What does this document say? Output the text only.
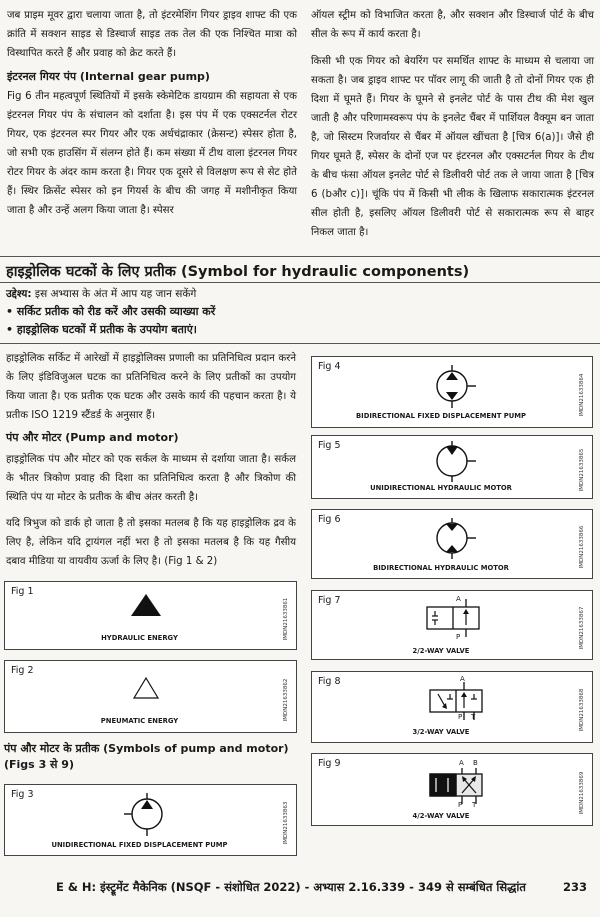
जब प्राइम मूवर द्वारा चलाया जाता है, तो इंटरमेशिंग गियर ड्राइव शाफ्ट की एक क्रांति में सक्शन साइड से डिस्चार्ज साइड तक तेल की एक निश्चित मात्रा को विस्थापित करते हैं और प्रवाह को क्रेट करते हैं।

इंटरनल गियर पंप (Internal gear pump)

Fig 6 तीन महत्वपूर्ण स्थितियों में इसके स्केमेटिक डायग्राम की सहायता से एक इंटरनल गियर पंप के संचालन को दर्शाता है। इस पंप में एक एक्सटर्नल रोटर गियर, एक इंटरनल स्पर गियर और एक अर्धचंद्राकार (क्रेसन्ट) स्पेसर होता है, जो सभी एक हाउसिंग में संलग्न होते हैं। कम संख्या में टीथ वाला इंटरनल गियर रोटर गियर के अंदर काम करता है। गियर एक दूसरे से विलक्षण रूप से सेट होते हैं। स्थिर क्रिसेंट स्पेसर को इन गियर्स के बीच की जगह में मशीनीकृत किया जाता है और उन्हें अलग किया जाता है। स्पेसर

ऑयल स्ट्रीम को विभाजित करता है, और सक्शन और डिस्चार्ज पोर्ट के बीच सील के रूप में कार्य करता है।

किसी भी एक गियर को बेयरिंग पर समर्थित शाफ्ट के माध्यम से चलाया जा सकता है। जब ड्राइव शाफ्ट पर पॉवर लागू की जाती है तो दोनों गियर एक ही दिशा में घूमते हैं। गियर के घूमने से इनलेट पोर्ट के पास टीथ की मेश खुल जाती है और परिणामस्वरूप पंप के इनलेट चैंबर में पार्शियल वैक्यूम बन जाता है, जो सिस्टम रिजर्वायर से चैंबर में ऑयल खींचता है [चित्र 6(a)]। जैसे ही गियर घूमते हैं, स्पेसर के दोनों एज पर इंटरनल और एक्सटर्नल गियर के टीथ के बीच फंसा ऑयल इनलेट पोर्ट से डिलीवरी पोर्ट तक ले जाया जाता है [चित्र 6 (bऔर c)]। चूंकि पंप में किसी भी लीक के खिलाफ सकारात्मक इंटरनल सील होती है, इसलिए ऑयल डिलीवरी पोर्ट से सकारात्मक रूप से बाहर निकल जाता है।

हाइड्रोलिक घटकों के लिए प्रतीक (Symbol for hydraulic components)

उद्देश्य: इस अभ्यास के अंत में आप यह जान सकेंगे

• सर्किट प्रतीक को रीड करें और उसकी व्याख्या करें

• हाइड्रोलिक घटकों में प्रतीक के उपयोग बताएं।

हाइड्रोलिक सर्किट में आरेखों में हाइड्रोलिक्स प्रणाली का प्रतिनिधित्व प्रदान करने के लिए इंडिविजुअल घटक का प्रतिनिधित्व करने के लिए प्रतीकों का उपयोग किया जाता है। एक प्रतीक एक घटक और उसके कार्य की पहचान करता है। ये प्रतीक ISO 1219 स्टैंडर्ड के अनुसार हैं।

पंप और मोटर (Pump and motor)

हाइड्रोलिक पंप और मोटर को एक सर्कल के माध्यम से दर्शाया जाता है। सर्कल के भीतर त्रिकोण प्रवाह की दिशा का प्रतिनिधित्व करता है और त्रिकोण की स्थिति पंप या मोटर के प्रतीक के बीच अंतर करती है।

यदि त्रिभुज को डार्क हो जाता है तो इसका मतलब है कि यह हाइड्रोलिक द्रव के लिए है, लेकिन यदि ट्रायंगल नहीं भरा है तो इसका मतलब है कि यह गैसीय दबाव मीडिया या वायवीय ऊर्जा के लिए है। (Fig 1 & 2)

Fig 1
HYDRAULIC ENERGY	IMDN21633861
Fig 2
PNEUMATIC ENERGY
IMDN21633862

पंप और मोटर के प्रतीक (Symbols of pump and motor)

(Figs 3 से 9)

Fig 3
UNIDIRECTIONAL FIXED DISPLACEMENT PUMP
IMDN21633863
Fig 4
BIDIRECTIONAL FIXED DISPLACEMENT PUMP	IMDN21633864
Fig 5
UNIDIRECTIONAL HYDRAULIC MOTOR	IMDN21633865
Fig 6
BIDIRECTIONAL HYDRAULIC MOTOR	IMDN21633866
Fig 7	A
P
2/2-WAY VALVE
IMDN21633867
Fig 8	A
P T
3/2-WAY VALVE
IMDN21633868
Fig 9	A B
P T
4/2-WAY VALVE
IMDN21633869

E & H: इंस्ट्रूमेंट मैकेनिक (NSQF - संशोधित 2022) - अभ्यास 2.16.339 - 349 से सम्बंधित सिद्धांत	233
